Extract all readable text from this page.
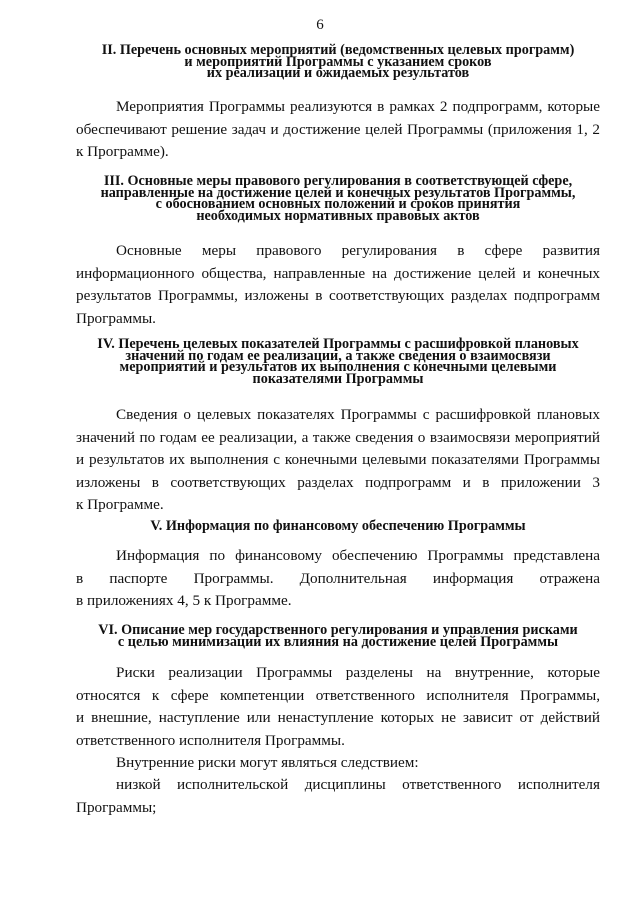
6
II. Перечень основных мероприятий (ведомственных целевых программ)
и мероприятий Программы с указанием сроков
их реализации и ожидаемых результатов
Мероприятия Программы реализуются в рамках 2 подпрограмм, которые
обеспечивают решение задач и достижение целей Программы (приложения 1, 2
к Программе).
III. Основные меры правового регулирования в соответствующей сфере,
направленные на достижение целей и конечных результатов Программы,
с обоснованием основных положений и сроков принятия
необходимых нормативных правовых актов
Основные меры правового регулирования в сфере развития
информационного общества, направленные на достижение целей и конечных
результатов Программы, изложены в соответствующих разделах подпрограмм
Программы.
IV. Перечень целевых показателей Программы с расшифровкой плановых
значений по годам ее реализации, а также сведения о взаимосвязи
мероприятий и результатов их выполнения с конечными целевыми
показателями Программы
Сведения о целевых показателях Программы с расшифровкой плановых
значений по годам ее реализации, а также сведения о взаимосвязи мероприятий
и результатов их выполнения с конечными целевыми показателями Программы
изложены в соответствующих разделах подпрограмм и в приложении 3
к Программе.
V. Информация по финансовому обеспечению Программы
Информация по финансовому обеспечению Программы представлена
в паспорте Программы. Дополнительная информация отражена
в приложениях 4, 5 к Программе.
VI. Описание мер государственного регулирования и управления рисками
с целью минимизации их влияния на достижение целей Программы
Риски реализации Программы разделены на внутренние, которые
относятся к сфере компетенции ответственного исполнителя Программы,
и внешние, наступление или ненаступление которых не зависит от действий
ответственного исполнителя Программы.
Внутренние риски могут являться следствием:
низкой исполнительской дисциплины ответственного исполнителя
Программы;
